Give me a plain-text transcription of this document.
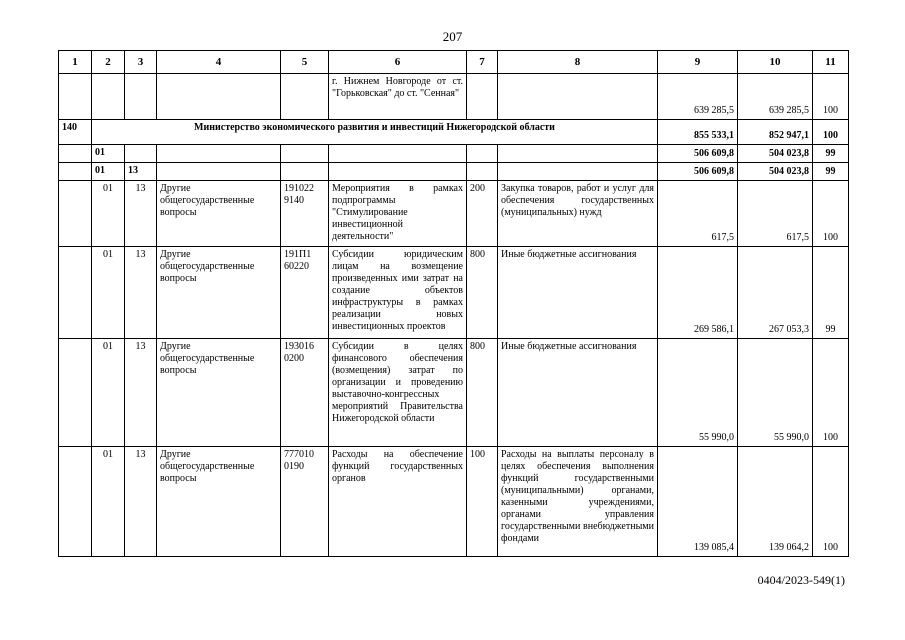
207
1	2	3	4	5	6	7	8	9	10	11
					г. Нижнем Новгороде от ст. "Горьковская" до ст. "Сенная"			639 285,5	639 285,5	100
140	Министерство экономического развития и инвестиций Нижегородской области							855 533,1	852 947,1	100
	01							506 609,8	504 023,8	99
	01	13						506 609,8	504 023,8	99
	01	13	Другие общегосударственные вопросы	191022 9140	Мероприятия в рамках подпрограммы "Стимулирование инвестиционной деятельности"	200	Закупка товаров, работ и услуг для обеспечения государственных (муниципальных) нужд	617,5	617,5	100
	01	13	Другие общегосударственные вопросы	191П1 60220	Субсидии юридическим лицам на возмещение произведенных ими затрат на создание объектов инфраструктуры в рамках реализации новых инвестиционных проектов	800	Иные бюджетные ассигнования	269 586,1	267 053,3	99
	01	13	Другие общегосударственные вопросы	193016 0200	Субсидии в целях финансового обеспечения (возмещения) затрат по организации и проведению выставочно-конгрессных мероприятий Правительства Нижегородской области	800	Иные бюджетные ассигнования	55 990,0	55 990,0	100
	01	13	Другие общегосударственные вопросы	777010 0190	Расходы на обеспечение функций государственных органов	100	Расходы на выплаты персоналу в целях обеспечения выполнения функций государственными (муниципальными) органами, казенными учреждениями, органами управления государственными внебюджетными фондами	139 085,4	139 064,2	100
0404/2023-549(1)
